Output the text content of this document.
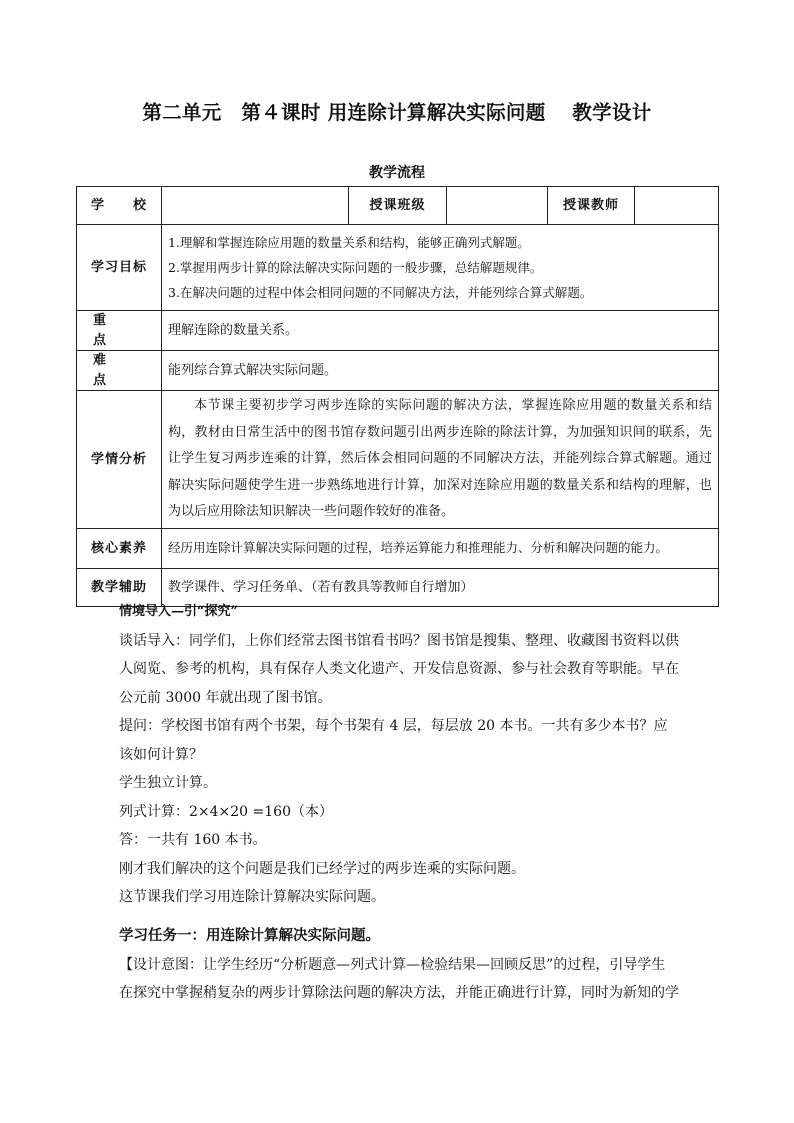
第二单元　第４课时 用连除计算解决实际问题　 教学设计
教学流程
学　　校		授课班级		授课教师	
学习目标	1.理解和掌握连除应用题的数量关系和结构，能够正确列式解题。

2.掌握用两步计算的除法解决实际问题的一般步骤，总结解题规律。

3.在解决问题的过程中体会相同问题的不同解决方法，并能列综合算式解题。				

重　　点	理解连除的数量关系。				
难　　点	能列综合算式解决实际问题。				
学情分析	本节课主要初步学习两步连除的实际问题的解决方法，掌握连除应用题的数量关系和结构，教材由日常生活中的图书馆存数问题引出两步连除的除法计算，为加强知识间的联系，先让学生复习两步连乘的计算，然后体会相同问题的不同解决方法，并能列综合算式解题。通过解决实际问题使学生进一步熟练地进行计算，加深对连除应用题的数量关系和结构的理解，也为以后应用除法知识解决一些问题作较好的准备。				

核心素养	经历用连除计算解决实际问题的过程，培养运算能力和推理能力、分析和解决问题的能力。				
教学辅助	教学课件、学习任务单、（若有教具等教师自行增加）				

情境导入—引“探究”

谈话导入：同学们，上你们经常去图书馆看书吗？图书馆是搜集、整理、收藏图书资料以供人阅览、参考的机构，具有保存人类文化遗产、开发信息资源、参与社会教育等职能。早在公元前 3000 年就出现了图书馆。

提问：学校图书馆有两个书架，每个书架有 4 层，每层放 20 本书。一共有多少本书？应该如何计算？

学生独立计算。

列式计算：2×4×20 =160（本）

答：一共有 160 本书。

刚才我们解决的这个问题是我们已经学过的两步连乘的实际问题。

这节课我们学习用连除计算解决实际问题。

学习任务一：用连除计算解决实际问题。

【设计意图：让学生经历“分析题意—列式计算—检验结果—回顾反思”的过程，引导学生在探究中掌握稍复杂的两步计算除法问题的解决方法，并能正确进行计算，同时为新知的学
